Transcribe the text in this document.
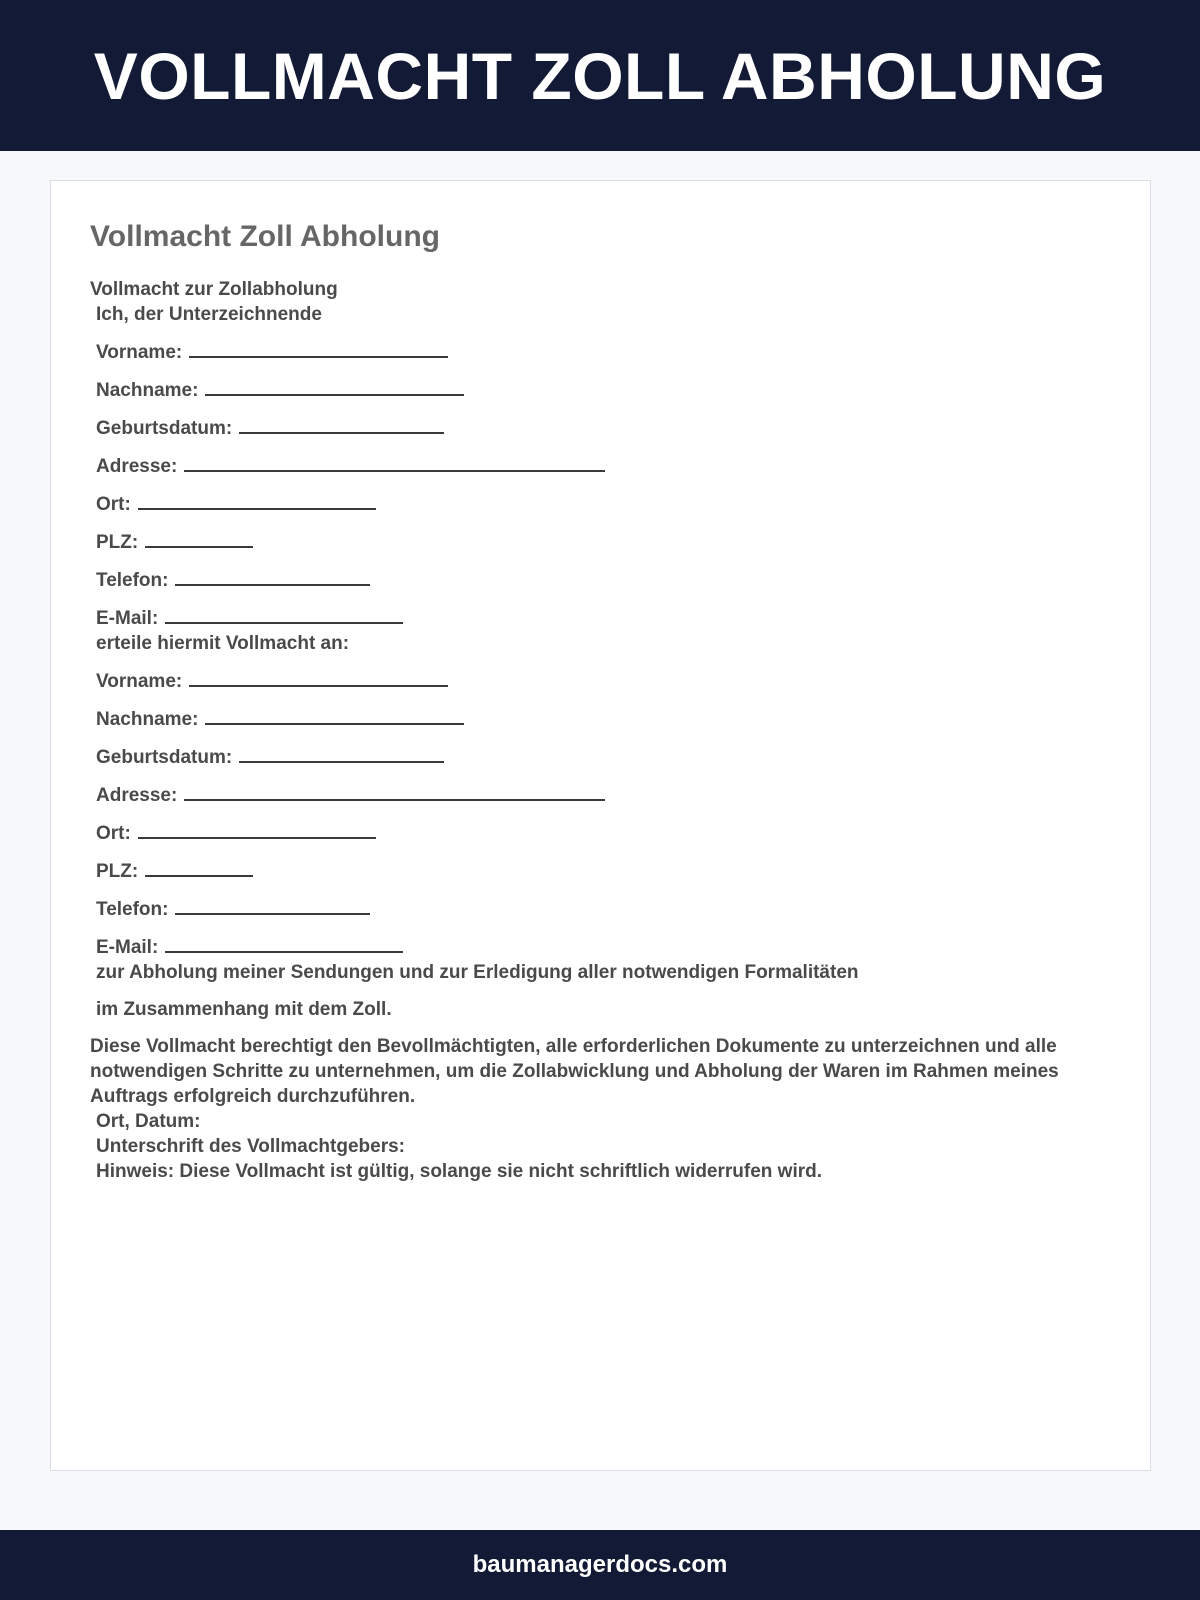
VOLLMACHT ZOLL ABHOLUNG
Vollmacht Zoll Abholung
Vollmacht zur Zollabholung
Ich, der Unterzeichnende
Vorname:
Nachname:
Geburtsdatum:
Adresse:
Ort:
PLZ:
Telefon:
E-Mail:
erteile hiermit Vollmacht an:
Vorname:
Nachname:
Geburtsdatum:
Adresse:
Ort:
PLZ:
Telefon:
E-Mail:
zur Abholung meiner Sendungen und zur Erledigung aller notwendigen Formalitäten
im Zusammenhang mit dem Zoll.
Diese Vollmacht berechtigt den Bevollmächtigten, alle erforderlichen Dokumente zu unterzeichnen und alle notwendigen Schritte zu unternehmen, um die Zollabwicklung und Abholung der Waren im Rahmen meines Auftrags erfolgreich durchzuführen.
Ort, Datum:
Unterschrift des Vollmachtgebers:
Hinweis: Diese Vollmacht ist gültig, solange sie nicht schriftlich widerrufen wird.
baumanagerdocs.com
